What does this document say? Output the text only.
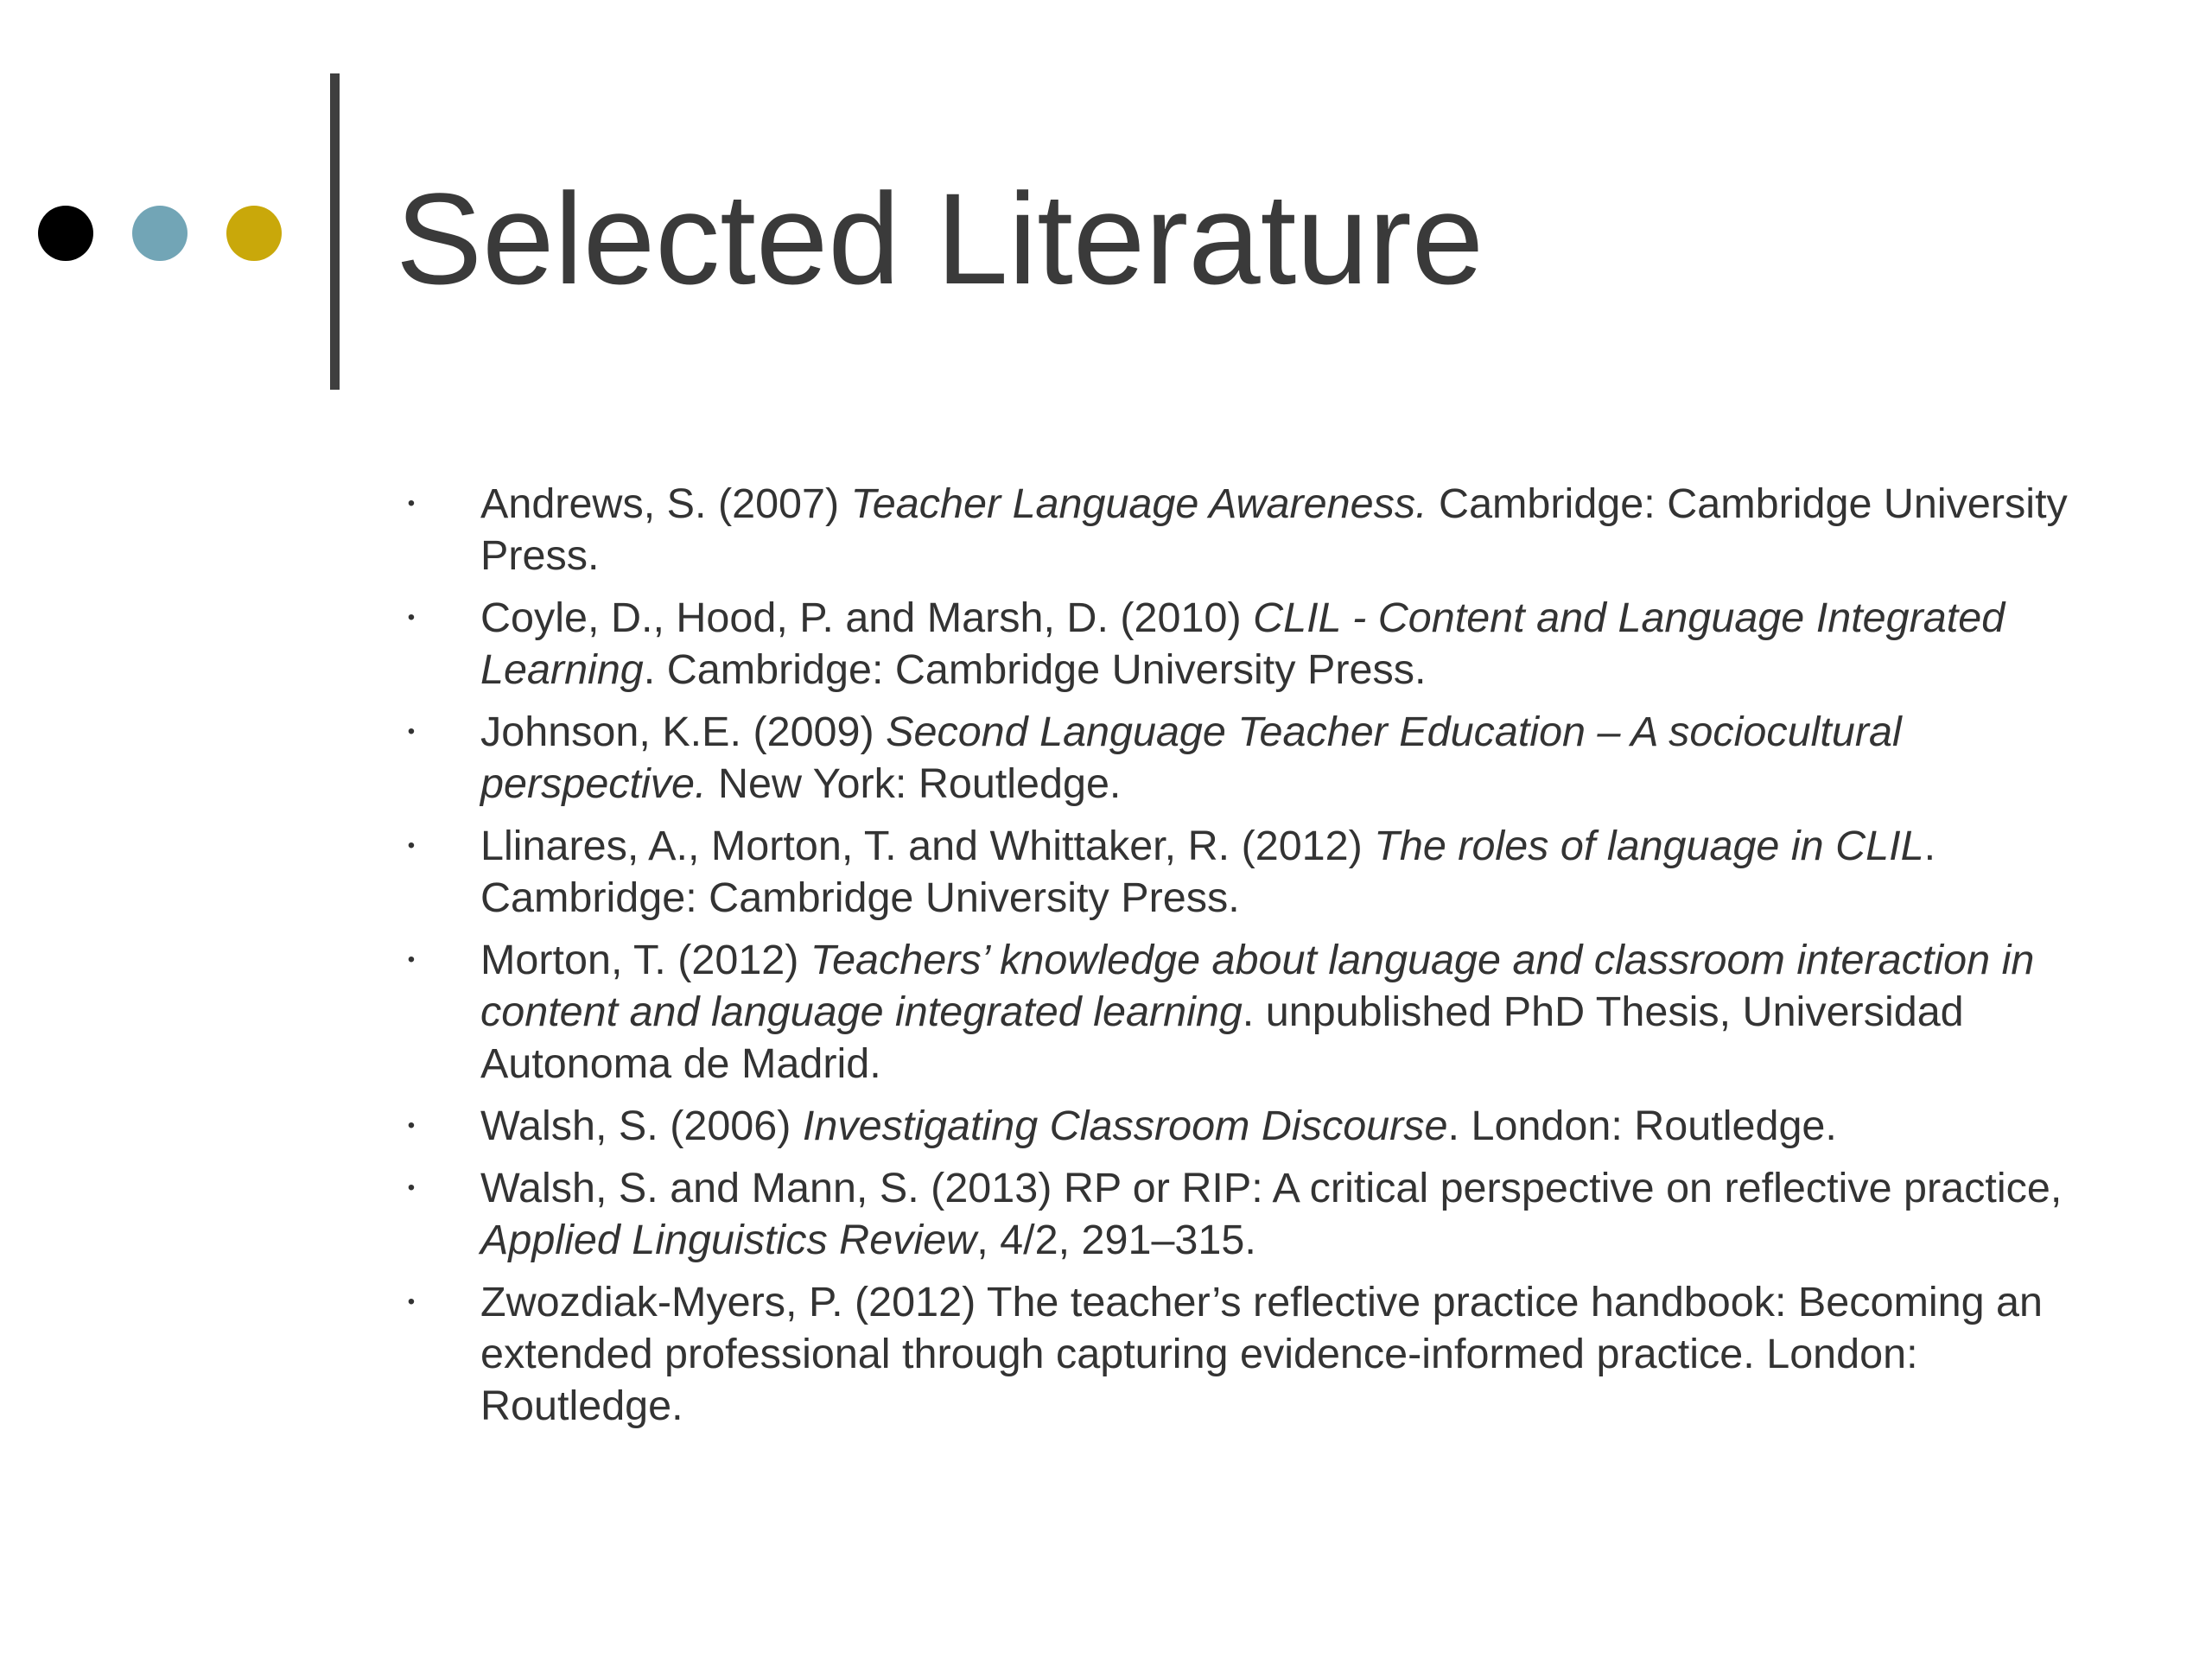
Selected Literature
•	Andrews, S. (2007) Teacher Language Awareness. Cambridge: Cambridge University Press.
•	Coyle, D., Hood, P. and Marsh, D. (2010) CLIL - Content and Language Integrated Learning. Cambridge: Cambridge University Press.
•	Johnson, K.E. (2009) Second Language Teacher Education – A sociocultural perspective. New York: Routledge.
•	Llinares, A., Morton, T. and Whittaker, R. (2012) The roles of language in CLIL. Cambridge: Cambridge University Press.
•	Morton, T. (2012) Teachers’ knowledge about language and classroom interaction in content and language integrated learning. unpublished PhD Thesis, Universidad Autonoma de Madrid.
•	Walsh, S. (2006) Investigating Classroom Discourse. London: Routledge.
•	Walsh, S. and Mann, S. (2013) RP or RIP: A critical perspective on reflective practice, Applied Linguistics Review, 4/2, 291–315.
•	Zwozdiak-Myers, P. (2012) The teacher’s reflective practice handbook: Becoming an extended professional through capturing evidence-informed practice. London: Routledge.
